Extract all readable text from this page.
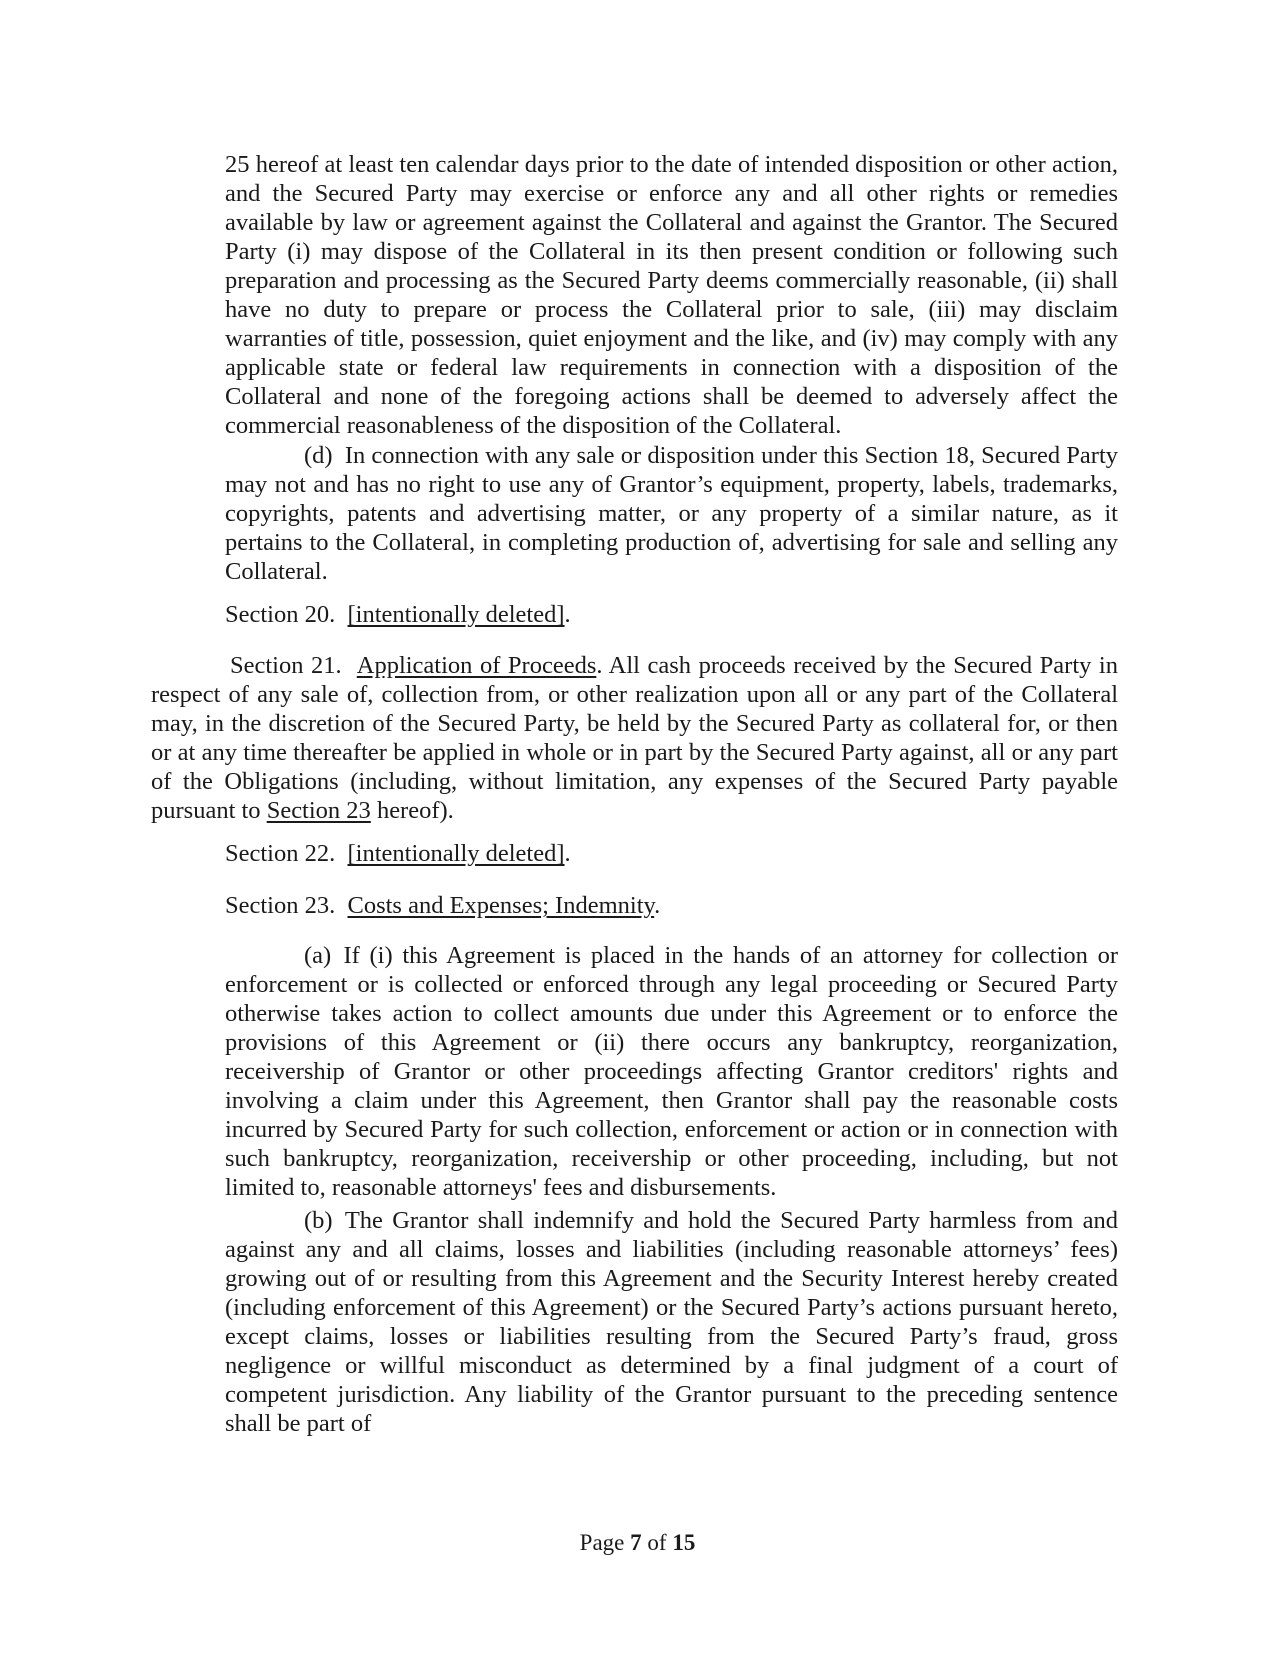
25 hereof at least ten calendar days prior to the date of intended disposition or other action, and the Secured Party may exercise or enforce any and all other rights or remedies available by law or agreement against the Collateral and against the Grantor. The Secured Party (i) may dispose of the Collateral in its then present condition or following such preparation and processing as the Secured Party deems commercially reasonable, (ii) shall have no duty to prepare or process the Collateral prior to sale, (iii) may disclaim warranties of title, possession, quiet enjoyment and the like, and (iv) may comply with any applicable state or federal law requirements in connection with a disposition of the Collateral and none of the foregoing actions shall be deemed to adversely affect the commercial reasonableness of the disposition of the Collateral.

(d) In connection with any sale or disposition under this Section 18, Secured Party may not and has no right to use any of Grantor’s equipment, property, labels, trademarks, copyrights, patents and advertising matter, or any property of a similar nature, as it pertains to the Collateral, in completing production of, advertising for sale and selling any Collateral.

Section 20. [intentionally deleted].

Section 21. Application of Proceeds. All cash proceeds received by the Secured Party in respect of any sale of, collection from, or other realization upon all or any part of the Collateral may, in the discretion of the Secured Party, be held by the Secured Party as collateral for, or then or at any time thereafter be applied in whole or in part by the Secured Party against, all or any part of the Obligations (including, without limitation, any expenses of the Secured Party payable pursuant to Section 23 hereof).

Section 22. [intentionally deleted].

Section 23. Costs and Expenses; Indemnity.

(a) If (i) this Agreement is placed in the hands of an attorney for collection or enforcement or is collected or enforced through any legal proceeding or Secured Party otherwise takes action to collect amounts due under this Agreement or to enforce the provisions of this Agreement or (ii) there occurs any bankruptcy, reorganization, receivership of Grantor or other proceedings affecting Grantor creditors' rights and involving a claim under this Agreement, then Grantor shall pay the reasonable costs incurred by Secured Party for such collection, enforcement or action or in connection with such bankruptcy, reorganization, receivership or other proceeding, including, but not limited to, reasonable attorneys' fees and disbursements.

(b) The Grantor shall indemnify and hold the Secured Party harmless from and against any and all claims, losses and liabilities (including reasonable attorneys’ fees) growing out of or resulting from this Agreement and the Security Interest hereby created (including enforcement of this Agreement) or the Secured Party’s actions pursuant hereto, except claims, losses or liabilities resulting from the Secured Party’s fraud, gross negligence or willful misconduct as determined by a final judgment of a court of competent jurisdiction. Any liability of the Grantor pursuant to the preceding sentence shall be part of

Page 7 of 15
